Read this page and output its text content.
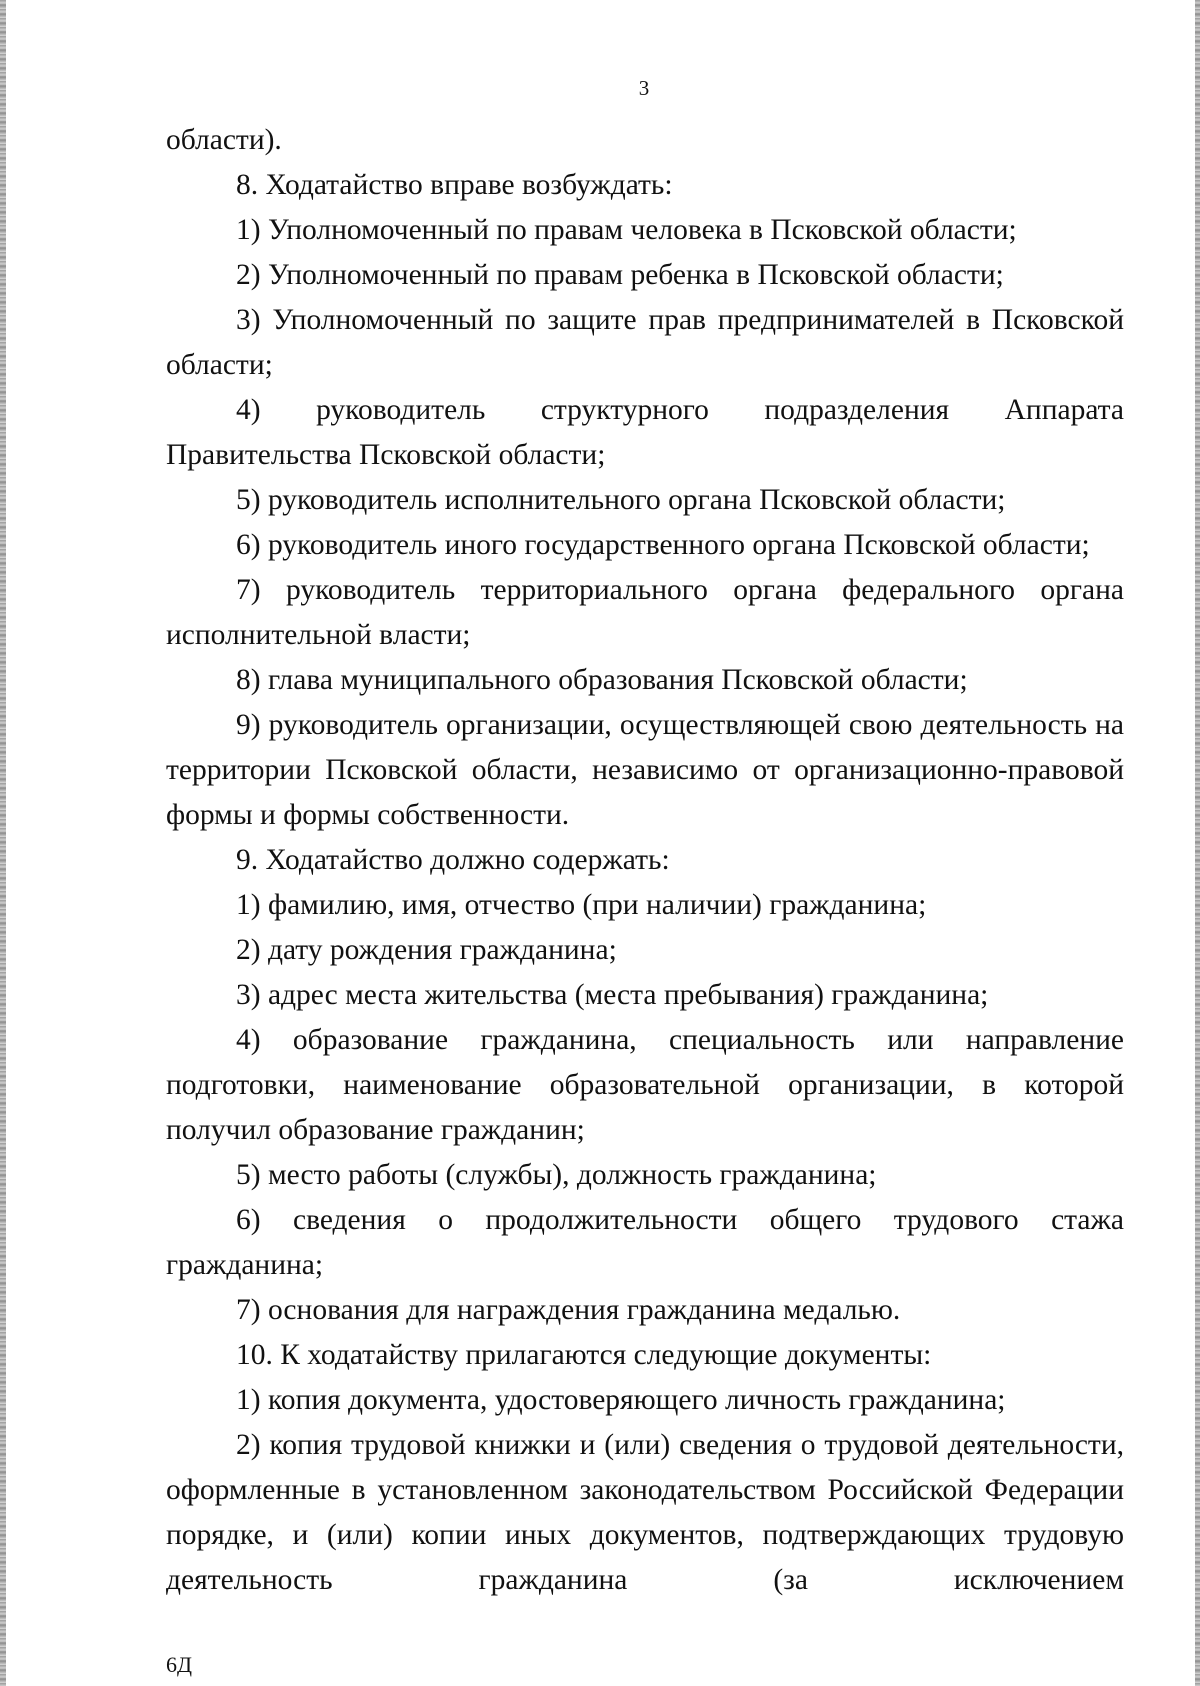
3

области).

8. Ходатайство вправе возбуждать:

1) Уполномоченный по правам человека в Псковской области;

2) Уполномоченный по правам ребенка в Псковской области;

3) Уполномоченный по защите прав предпринимателей в Псковской области;

4) руководитель структурного подразделения Аппарата Правительства Псковской области;

5) руководитель исполнительного органа Псковской области;

6) руководитель иного государственного органа Псковской области;

7) руководитель территориального органа федерального органа исполнительной власти;

8) глава муниципального образования Псковской области;

9) руководитель организации, осуществляющей свою деятельность на территории Псковской области, независимо от организационно-правовой формы и формы собственности.

9. Ходатайство должно содержать:

1) фамилию, имя, отчество (при наличии) гражданина;

2) дату рождения гражданина;

3) адрес места жительства (места пребывания) гражданина;

4) образование гражданина, специальность или направление подготовки, наименование образовательной организации, в которой получил образование гражданин;

5) место работы (службы), должность гражданина;

6) сведения о продолжительности общего трудового стажа гражданина;

7) основания для награждения гражданина медалью.

10. К ходатайству прилагаются следующие документы:

1) копия документа, удостоверяющего личность гражданина;

2) копия трудовой книжки и (или) сведения о трудовой деятельности, оформленные в установленном законодательством Российской Федерации порядке, и (или) копии иных документов, подтверждающих трудовую деятельность гражданина (за исключением

6Д
